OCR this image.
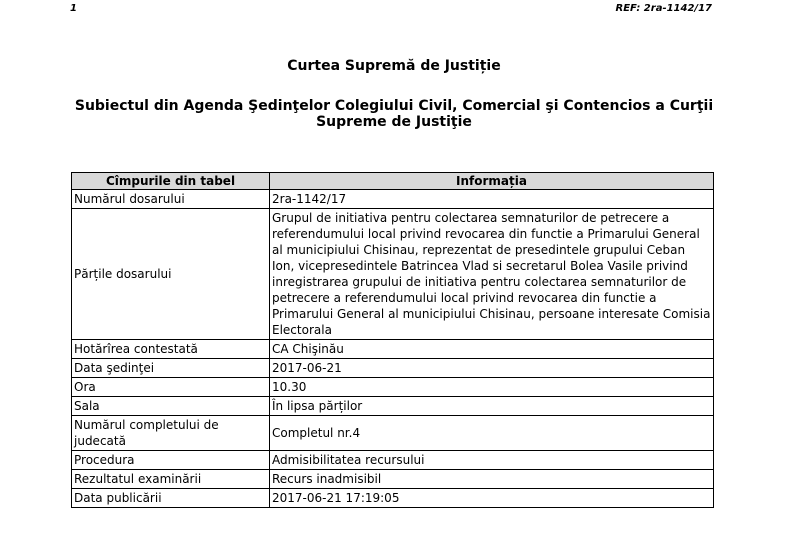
1	REF: 2ra-1142/17
Curtea Supremă de Justiție
Subiectul din Agenda Şedinţelor Colegiului Civil, Comercial şi Contencios a Curţii Supreme de Justiţie
Cîmpurile din tabel	Informația
Numărul dosarului	2ra-1142/17
Părțile dosarului	Grupul de initiativa pentru colectarea semnaturilor de petrecere a referendumului local privind revocarea din functie a Primarului General al municipiului Chisinau, reprezentat de presedintele grupului Ceban Ion, vicepresedintele Batrincea Vlad si secretarul Bolea Vasile privind inregistrarea grupului de initiativa pentru colectarea semnaturilor de petrecere a referendumului local privind revocarea din functie a Primarului General al municipiului Chisinau, persoane interesate Comisia Electorala
Hotărîrea contestată	CA Chişinău
Data şedinţei	2017-06-21
Ora	10.30
Sala	În lipsa părților
Numărul completului de judecată	Completul nr.4
Procedura	Admisibilitatea recursului
Rezultatul examinării	Recurs inadmisibil
Data publicării	2017-06-21 17:19:05
